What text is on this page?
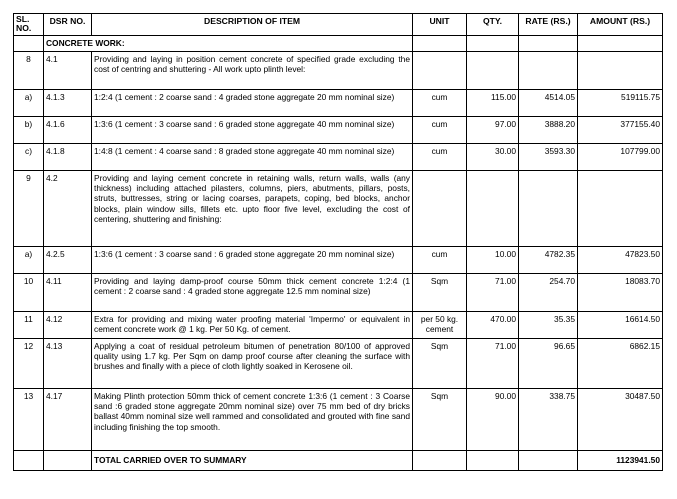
SL. NO.	DSR NO.	DESCRIPTION OF ITEM	UNIT	QTY.	RATE (RS.)	AMOUNT (RS.)
	CONCRETE WORK:					
8	4.1	Providing and laying in position cement concrete of specified grade excluding the cost of centring and shuttering - All work upto plinth level:				
a)	4.1.3	1:2:4 (1 cement : 2 coarse sand : 4 graded stone aggregate 20 mm nominal size)	cum	115.00	4514.05	519115.75
b)	4.1.6	1:3:6 (1 cement : 3 coarse sand : 6 graded stone aggregate 40 mm nominal size)	cum	97.00	3888.20	377155.40
c)	4.1.8	1:4:8 (1 cement : 4 coarse sand : 8 graded stone aggregate 40 mm nominal size)	cum	30.00	3593.30	107799.00
9	4.2	Providing and laying cement concrete in retaining walls, return walls, walls (any thickness) including attached pilasters, columns, piers, abutments, pillars, posts, struts, buttresses, string or lacing coarses, parapets, coping, bed blocks, anchor blocks, plain window sills, fillets etc. upto floor five level, excluding the cost of centering, shuttering and finishing:				
a)	4.2.5	1:3:6 (1 cement : 3 coarse sand : 6 graded stone aggregate 20 mm nominal size)	cum	10.00	4782.35	47823.50
10	4.11	Providing and laying damp-proof course 50mm thick cement concrete 1:2:4 (1 cement : 2 coarse sand : 4 graded stone aggregate 12.5 mm nominal size)	Sqm	71.00	254.70	18083.70
11	4.12	Extra for providing and mixing water proofing material 'Impermo' or equivalent in cement concrete work @ 1 kg. Per 50 Kg. of cement.	per 50 kg. cement	470.00	35.35	16614.50
12	4.13	Applying a coat of residual petroleum bitumen of penetration 80/100 of approved quality using 1.7 kg. Per Sqm on damp proof course after cleaning the surface with brushes and finally with a piece of cloth lightly soaked in Kerosene oil.	Sqm	71.00	96.65	6862.15
13	4.17	Making Plinth protection 50mm thick of cement concrete 1:3:6 (1 cement : 3 Coarse sand :6 graded stone aggregate 20mm nominal size) over 75 mm bed of dry bricks ballast 40mm nominal size well rammed and consolidated and grouted with fine sand including finishing the top smooth.	Sqm	90.00	338.75	30487.50
		TOTAL CARRIED OVER TO SUMMARY				1123941.50
